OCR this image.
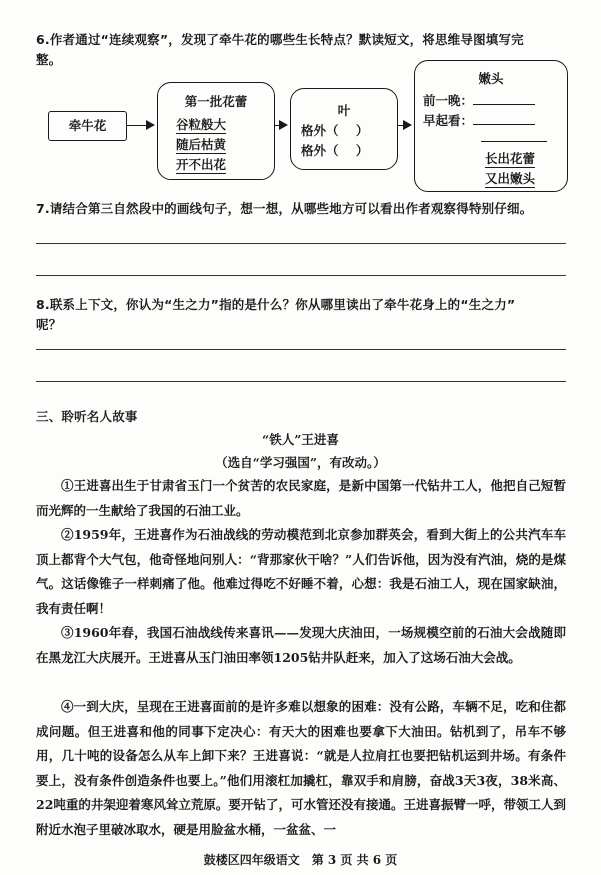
6.作者通过“连续观察”，发现了牵牛花的哪些生长特点？默读短文，将思维导图填写完
整。
牵牛花
第一批花蕾
谷粒般大
随后枯黄
开不出花
叶
格外（    ）
格外（    ）
嫩头
前一晚：
早起看：
长出花蕾
又出嫩头
7.请结合第三自然段中的画线句子，想一想，从哪些地方可以看出作者观察得特别仔细。
8.联系上下文，你认为“生之力”指的是什么？你从哪里读出了牵牛花身上的“生之力”
呢？
三、聆听名人故事
“铁人”王进喜
（选自“学习强国”，有改动。）
①王进喜出生于甘肃省玉门一个贫苦的农民家庭，是新中国第一代钻井工人，他把自己短暂而光辉的一生献给了我国的石油工业。
②1959年，王进喜作为石油战线的劳动模范到北京参加群英会，看到大街上的公共汽车车顶上都背个大气包，他奇怪地问别人：“背那家伙干啥？”人们告诉他，因为没有汽油，烧的是煤气。这话像锥子一样刺痛了他。他难过得吃不好睡不着，心想：我是石油工人，现在国家缺油，我有责任啊！
③1960年春，我国石油战线传来喜讯——发现大庆油田，一场规模空前的石油大会战随即在黑龙江大庆展开。王进喜从玉门油田率领1205钻井队赶来，加入了这场石油大会战。
④一到大庆，呈现在王进喜面前的是许多难以想象的困难：没有公路，车辆不足，吃和住都成问题。但王进喜和他的同事下定决心：有天大的困难也要拿下大油田。钻机到了，吊车不够用，几十吨的设备怎么从车上卸下来？王进喜说：“就是人拉肩扛也要把钻机运到井场。有条件要上，没有条件创造条件也要上。”他们用滚杠加撬杠，靠双手和肩膀，奋战3天3夜，38米高、22吨重的井架迎着寒风耸立荒原。要开钻了，可水管还没有接通。王进喜振臂一呼，带领工人到附近水泡子里破冰取水，硬是用脸盆水桶，一盆盆、一
鼓楼区四年级语文　第 3 页 共 6 页
